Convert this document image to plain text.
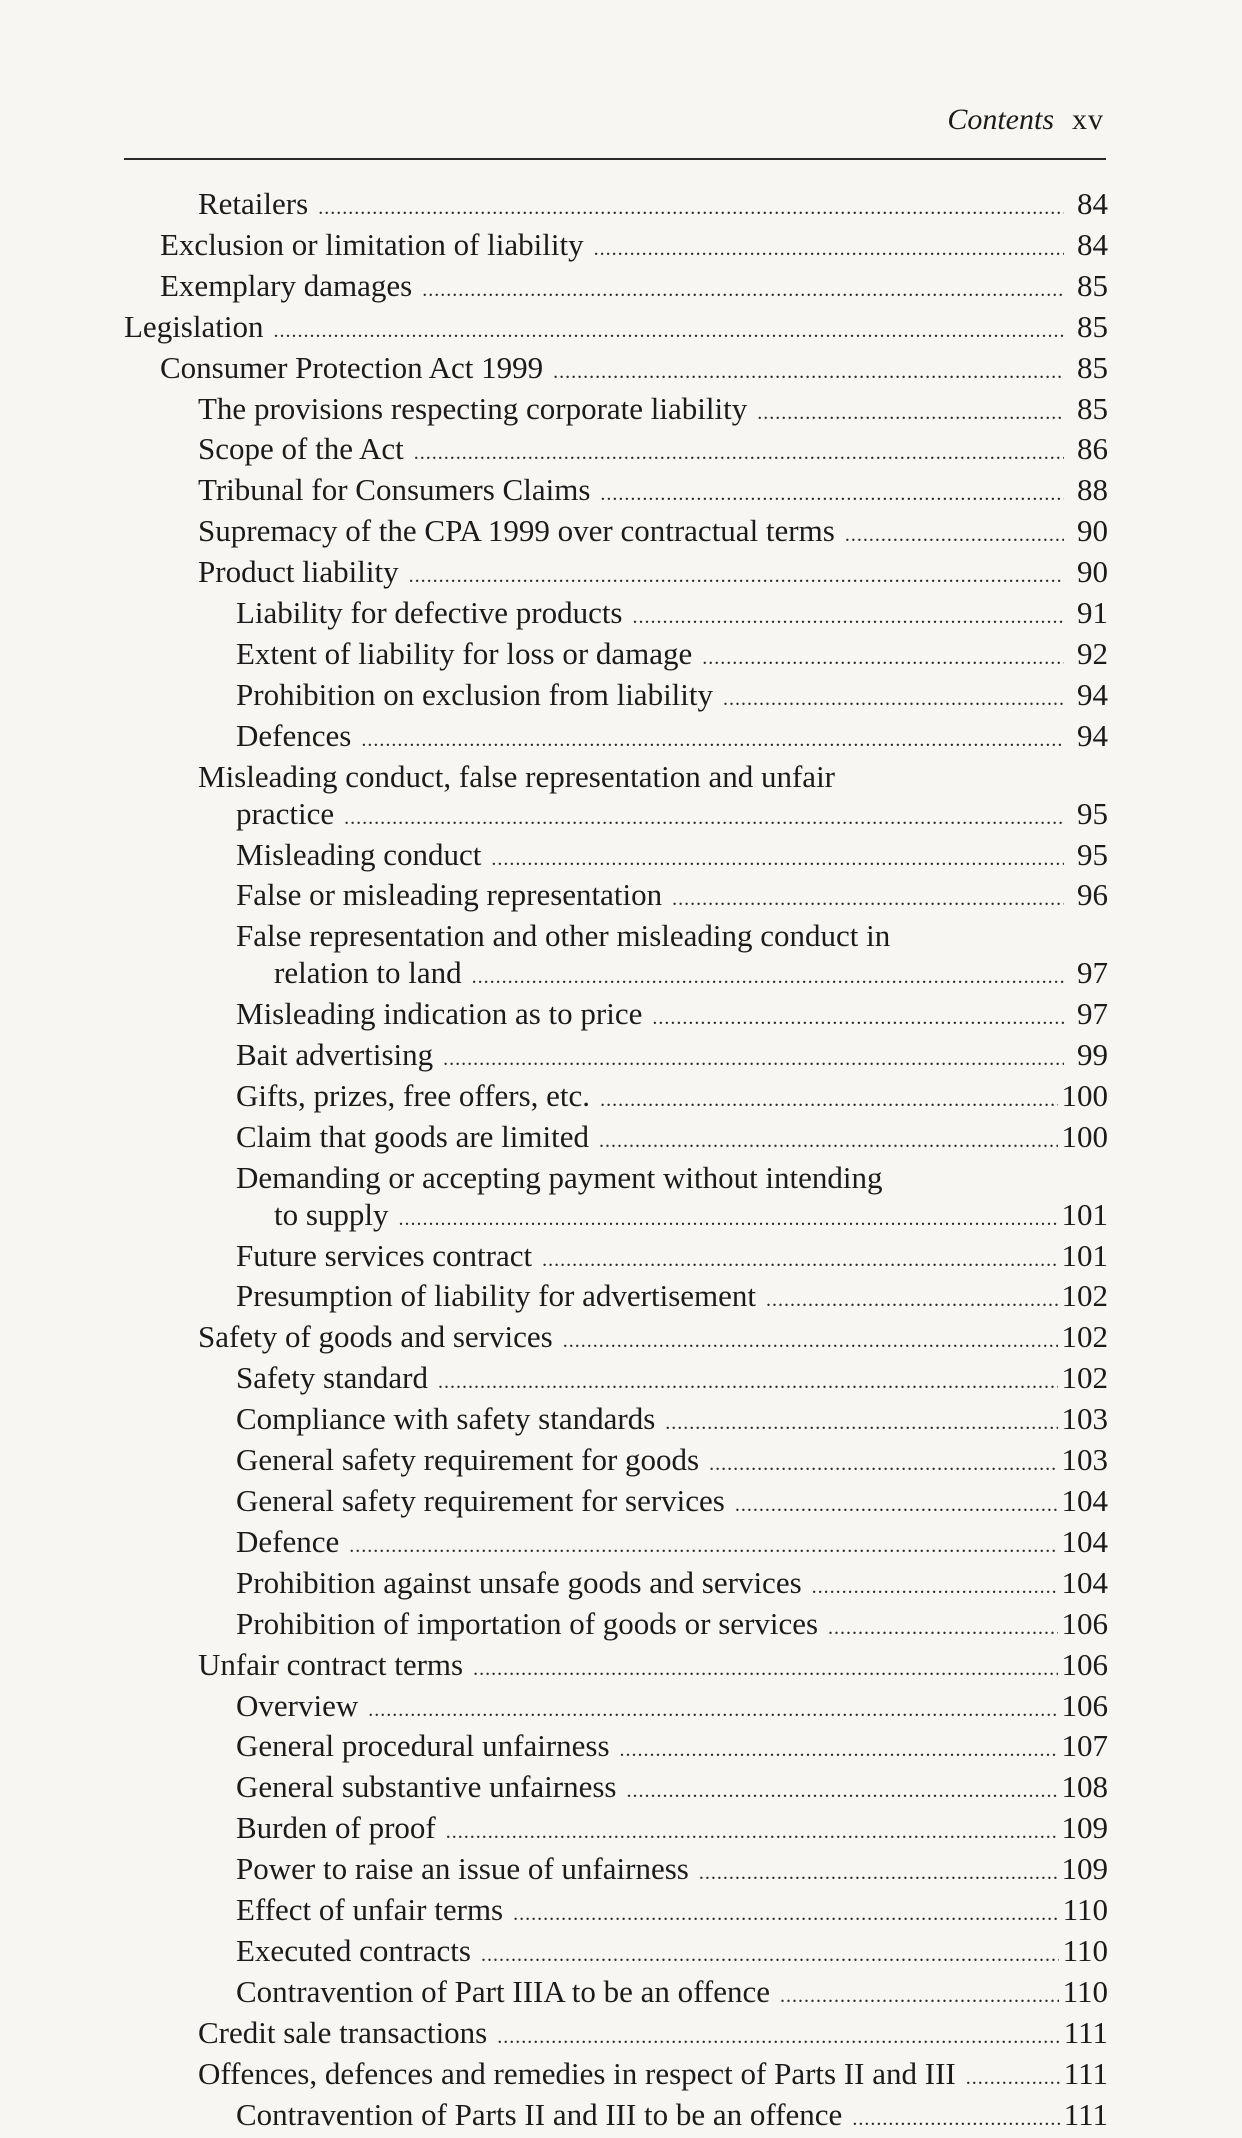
Contents xv
Retailers .....	84
Exclusion or limitation of liability .....	84
Exemplary damages .....	85
Legislation .....	85
Consumer Protection Act 1999 .....	85
The provisions respecting corporate liability .....	85
Scope of the Act .....	86
Tribunal for Consumers Claims .....	88
Supremacy of the CPA 1999 over contractual terms .....	90
Product liability .....	90
Liability for defective products .....	91
Extent of liability for loss or damage .....	92
Prohibition on exclusion from liability .....	94
Defences .....	94
Misleading conduct, false representation and unfair
practice .....	95
Misleading conduct .....	95
False or misleading representation .....	96
False representation and other misleading conduct in
relation to land .....	97
Misleading indication as to price .....	97
Bait advertising .....	99
Gifts, prizes, free offers, etc. .....	100
Claim that goods are limited .....	100
Demanding or accepting payment without intending
to supply .....	101
Future services contract .....	101
Presumption of liability for advertisement .....	102
Safety of goods and services .....	102
Safety standard .....	102
Compliance with safety standards .....	103
General safety requirement for goods .....	103
General safety requirement for services .....	104
Defence .....	104
Prohibition against unsafe goods and services .....	104
Prohibition of importation of goods or services .....	106
Unfair contract terms .....	106
Overview .....	106
General procedural unfairness .....	107
General substantive unfairness .....	108
Burden of proof .....	109
Power to raise an issue of unfairness .....	109
Effect of unfair terms .....	110
Executed contracts .....	110
Contravention of Part IIIA to be an offence .....	110
Credit sale transactions .....	111
Offences, defences and remedies in respect of Parts II and III .....	111
Contravention of Parts II and III to be an offence .....	111
